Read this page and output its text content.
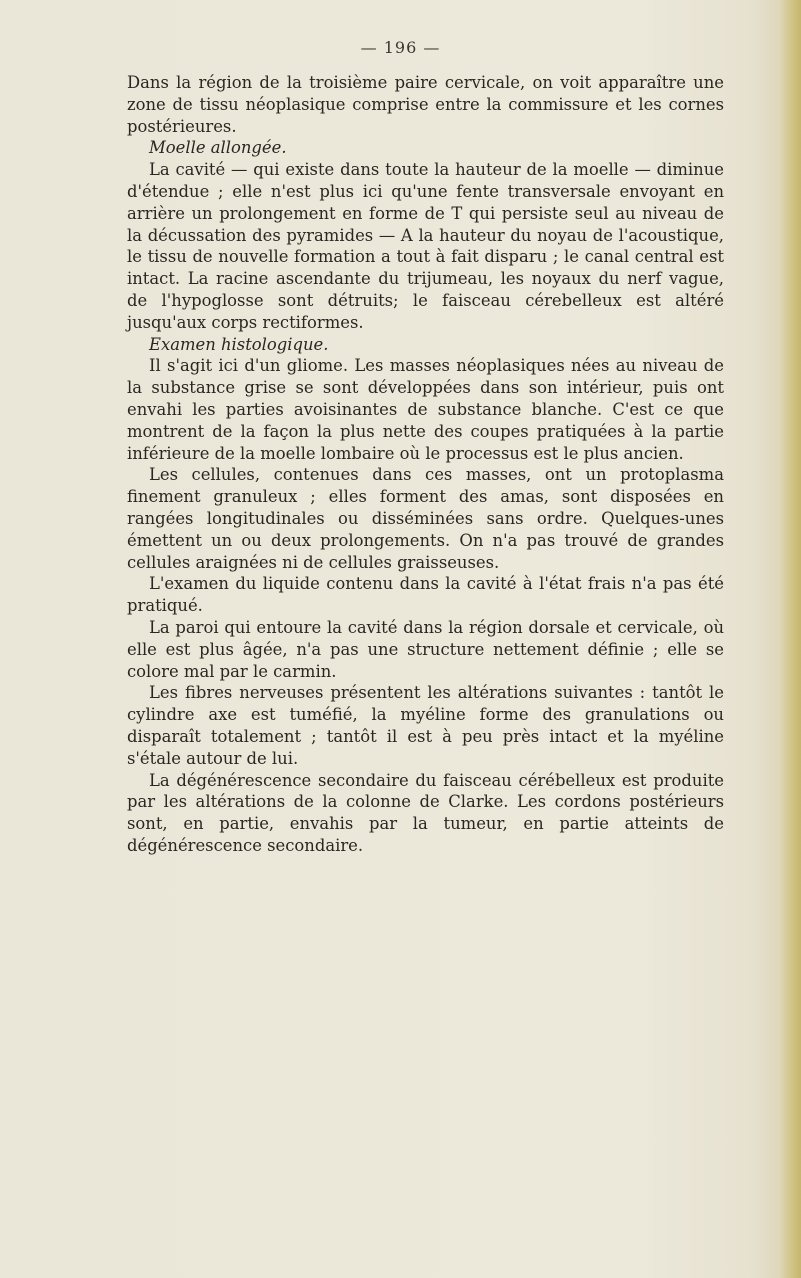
— 196 —

Dans la région de la troisième paire cervicale, on voit apparaître une zone de tissu néoplasique comprise entre la commissure et les cornes postérieures.

Moelle allongée.

La cavité — qui existe dans toute la hauteur de la moelle — diminue d'étendue ; elle n'est plus ici qu'une fente transversale envoyant en arrière un prolongement en forme de T qui persiste seul au niveau de la décussation des pyramides — A la hauteur du noyau de l'acoustique, le tissu de nouvelle formation a tout à fait disparu ; le canal central est intact. La racine ascendante du trijumeau, les noyaux du nerf vague, de l'hypoglosse sont détruits; le faisceau cérebelleux est altéré jusqu'aux corps rectiformes.

Examen histologique.

Il s'agit ici d'un gliome. Les masses néoplasiques nées au niveau de la substance grise se sont développées dans son intérieur, puis ont envahi les parties avoisinantes de substance blanche. C'est ce que montrent de la façon la plus nette des coupes pratiquées à la partie inférieure de la moelle lombaire où le processus est le plus ancien.

Les cellules, contenues dans ces masses, ont un protoplasma finement granuleux ; elles forment des amas, sont disposées en rangées longitudinales ou disséminées sans ordre. Quelques-unes émettent un ou deux prolongements. On n'a pas trouvé de grandes cellules araignées ni de cellules graisseuses.

L'examen du liquide contenu dans la cavité à l'état frais n'a pas été pratiqué.

La paroi qui entoure la cavité dans la région dorsale et cervicale, où elle est plus âgée, n'a pas une structure nettement définie ; elle se colore mal par le carmin.

Les fibres nerveuses présentent les altérations suivantes : tantôt le cylindre axe est tuméfié, la myéline forme des granulations ou disparaît totalement ; tantôt il est à peu près intact et la myéline s'étale autour de lui.

La dégénérescence secondaire du faisceau cérébelleux est produite par les altérations de la colonne de Clarke. Les cordons postérieurs sont, en partie, envahis par la tumeur, en partie atteints de dégénérescence secondaire.
